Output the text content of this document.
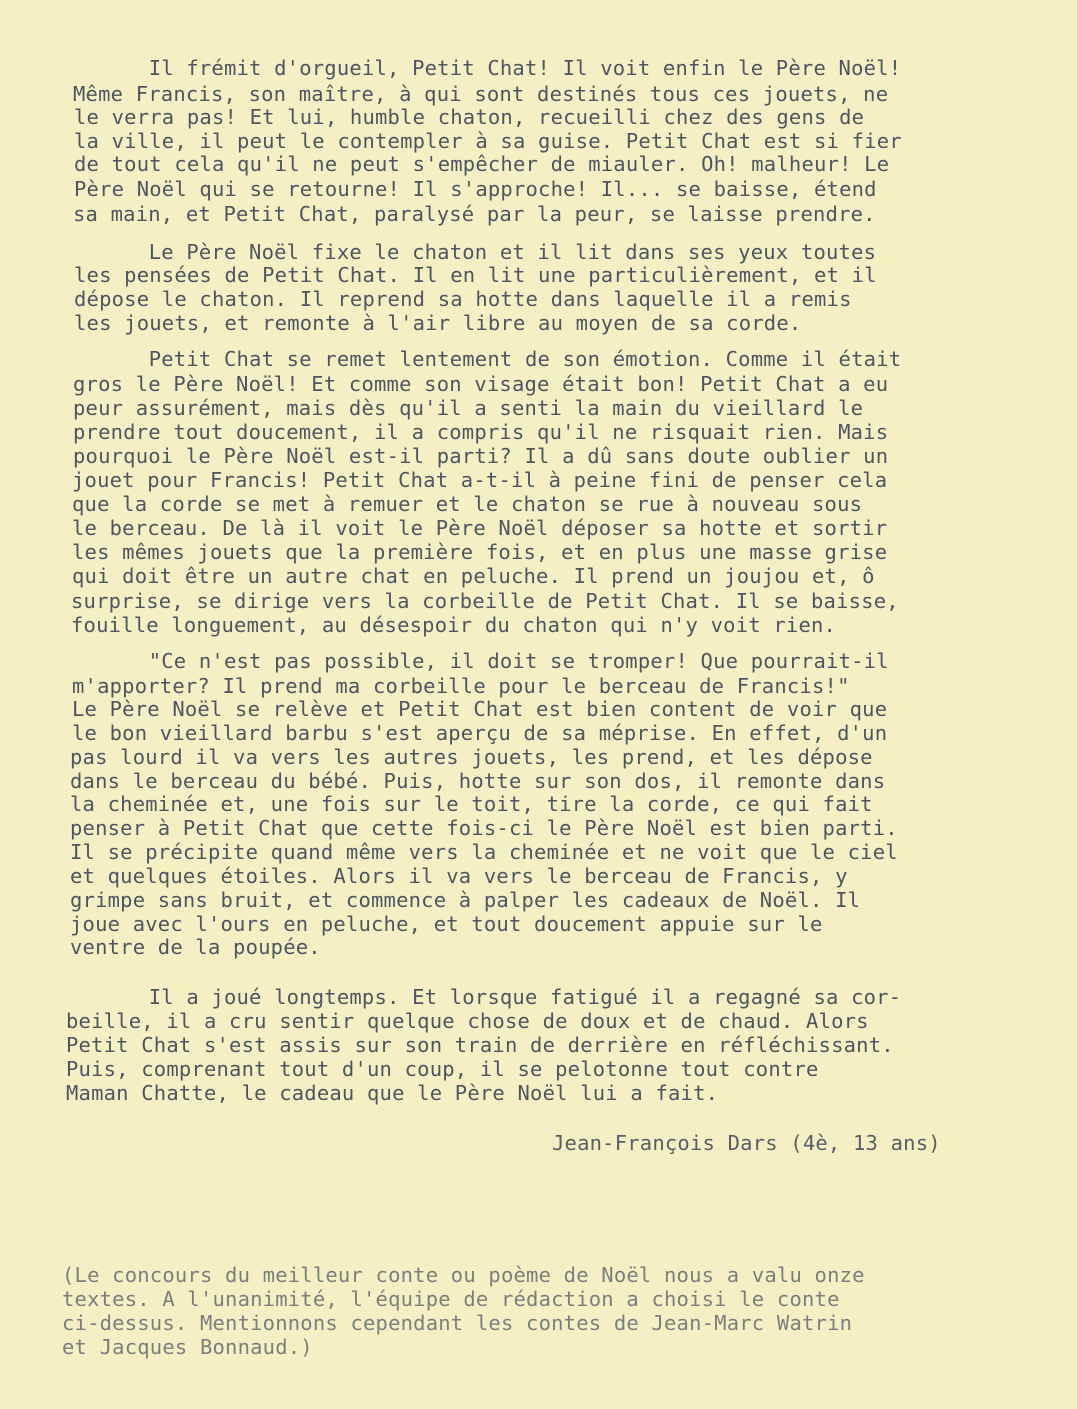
Il frémit d'orgueil, Petit Chat! Il voit enfin le Père Noël!
Même Francis, son maître, à qui sont destinés tous ces jouets, ne
le verra pas! Et lui, humble chaton, recueilli chez des gens de
la ville, il peut le contempler à sa guise. Petit Chat est si fier
de tout cela qu'il ne peut s'empêcher de miauler. Oh! malheur! Le
Père Noël qui se retourne! Il s'approche! Il... se baisse, étend
sa main, et Petit Chat, paralysé par la peur, se laisse prendre.
Le Père Noël fixe le chaton et il lit dans ses yeux toutes
les pensées de Petit Chat. Il en lit une particulièrement, et il
dépose le chaton. Il reprend sa hotte dans laquelle il a remis
les jouets, et remonte à l'air libre au moyen de sa corde.
Petit Chat se remet lentement de son émotion. Comme il était
gros le Père Noël! Et comme son visage était bon! Petit Chat a eu
peur assurément, mais dès qu'il a senti la main du vieillard le
prendre tout doucement, il a compris qu'il ne risquait rien. Mais
pourquoi le Père Noël est-il parti? Il a dû sans doute oublier un
jouet pour Francis! Petit Chat a-t-il à peine fini de penser cela
que la corde se met à remuer et le chaton se rue à nouveau sous
le berceau. De là il voit le Père Noël déposer sa hotte et sortir
les mêmes jouets que la première fois, et en plus une masse grise
qui doit être un autre chat en peluche. Il prend un joujou et, ô
surprise, se dirige vers la corbeille de Petit Chat. Il se baisse,
fouille longuement, au désespoir du chaton qui n'y voit rien.
"Ce n'est pas possible, il doit se tromper! Que pourrait-il
m'apporter? Il prend ma corbeille pour le berceau de Francis!"
Le Père Noël se relève et Petit Chat est bien content de voir que
le bon vieillard barbu s'est aperçu de sa méprise. En effet, d'un
pas lourd il va vers les autres jouets, les prend, et les dépose
dans le berceau du bébé. Puis, hotte sur son dos, il remonte dans
la cheminée et, une fois sur le toit, tire la corde, ce qui fait
penser à Petit Chat que cette fois-ci le Père Noël est bien parti.
Il se précipite quand même vers la cheminée et ne voit que le ciel
et quelques étoiles. Alors il va vers le berceau de Francis, y
grimpe sans bruit, et commence à palper les cadeaux de Noël. Il
joue avec l'ours en peluche, et tout doucement appuie sur le
ventre de la poupée.
Il a joué longtemps. Et lorsque fatigué il a regagné sa cor-
beille, il a cru sentir quelque chose de doux et de chaud. Alors
Petit Chat s'est assis sur son train de derrière en réfléchissant.
Puis, comprenant tout d'un coup, il se pelotonne tout contre
Maman Chatte, le cadeau que le Père Noël lui a fait.
Jean-François Dars (4è, 13 ans)
(Le concours du meilleur conte ou poème de Noël nous a valu onze
textes. A l'unanimité, l'équipe de rédaction a choisi le conte
ci-dessus. Mentionnons cependant les contes de Jean-Marc Watrin
et Jacques Bonnaud.)
